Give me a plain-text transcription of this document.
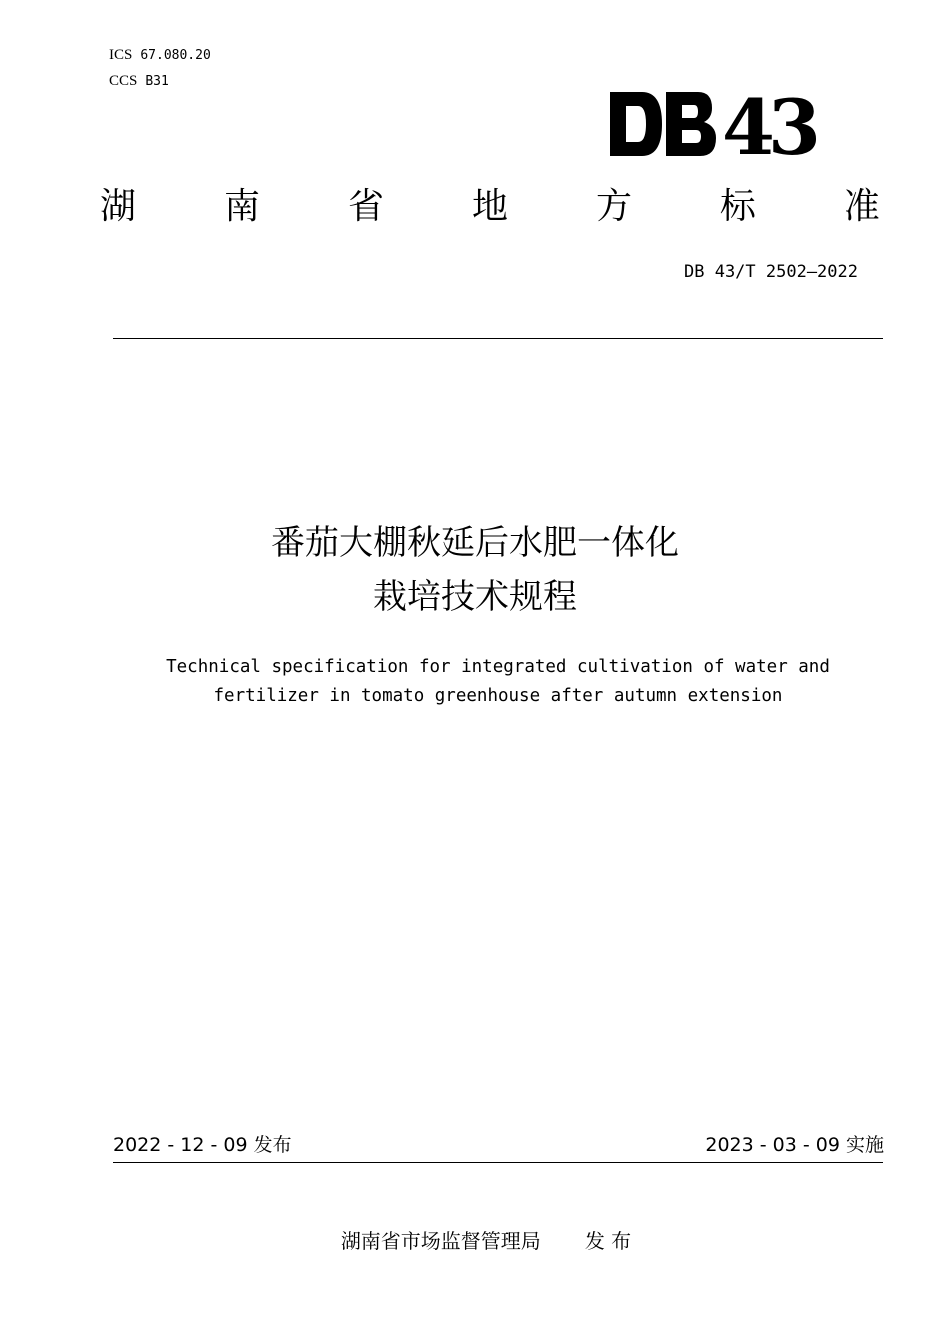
ICS 67.080.20
CCS B31
4
3
湖 南 省 地 方 标 准
DB 43/T 2502—2022
番茄大棚秋延后水肥一体化
栽培技术规程
Technical specification for integrated cultivation of water and
fertilizer in tomato greenhouse after autumn extension
2022 - 12 - 09 发布	2023 - 03 - 09 实施
湖南省市场监督管理局 发 布
